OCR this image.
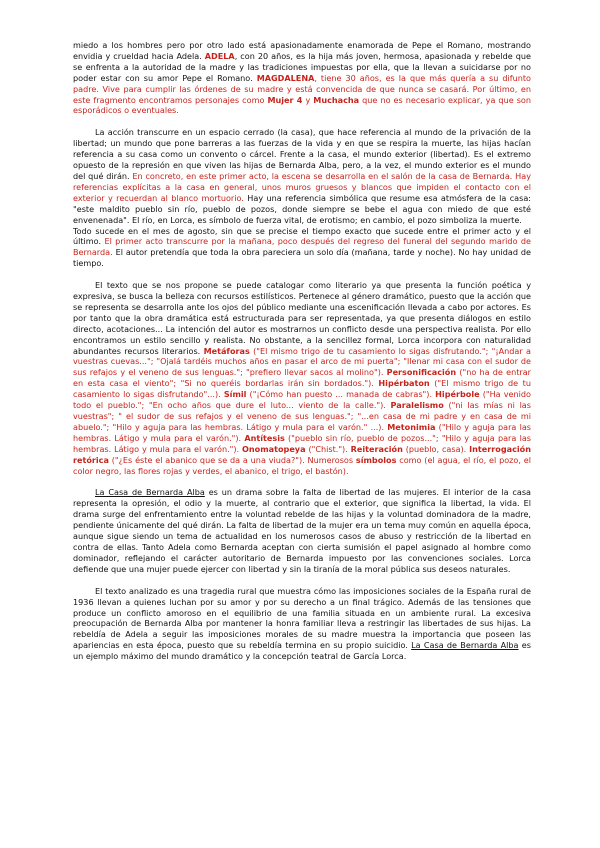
miedo a los hombres pero por otro lado está apasionadamente enamorada de Pepe el Romano, mostrando envidia y crueldad hacia Adela. ADELA, con 20 años, es la hija más joven, hermosa, apasionada y rebelde que se enfrenta a la autoridad de la madre y las tradiciones impuestas por ella, que la llevan a suicidarse por no poder estar con su amor Pepe el Romano. MAGDALENA, tiene 30 años, es la que más quería a su difunto padre. Vive para cumplir las órdenes de su madre y está convencida de que nunca se casará. Por último, en este fragmento encontramos personajes como Mujer 4 y Muchacha que no es necesario explicar, ya que son esporádicos o eventuales.

La acción transcurre en un espacio cerrado (la casa), que hace referencia al mundo de la privación de la libertad; un mundo que pone barreras a las fuerzas de la vida y en que se respira la muerte, las hijas hacían referencia a su casa como un convento o cárcel. Frente a la casa, el mundo exterior (libertad). Es el extremo opuesto de la represión en que viven las hijas de Bernarda Alba, pero, a la vez, el mundo exterior es el mundo del qué dirán. En concreto, en este primer acto, la escena se desarrolla en el salón de la casa de Bernarda. Hay referencias explícitas a la casa en general, unos muros gruesos y blancos que impiden el contacto con el exterior y recuerdan al blanco mortuorio. Hay una referencia simbólica que resume esa atmósfera de la casa: "este maldito pueblo sin río, pueblo de pozos, donde siempre se bebe el agua con miedo de que esté envenenada". El río, en Lorca, es símbolo de fuerza vital, de erotismo; en cambio, el pozo simboliza la muerte.

Todo sucede en el mes de agosto, sin que se precise el tiempo exacto que sucede entre el primer acto y el último. El primer acto transcurre por la mañana, poco después del regreso del funeral del segundo marido de Bernarda. El autor pretendía que toda la obra pareciera un solo día (mañana, tarde y noche). No hay unidad de tiempo.

El texto que se nos propone se puede catalogar como literario ya que presenta la función poética y expresiva, se busca la belleza con recursos estilísticos. Pertenece al género dramático, puesto que la acción que se representa se desarrolla ante los ojos del público mediante una escenificación llevada a cabo por actores. Es por tanto que la obra dramática está estructurada para ser representada, ya que presenta diálogos en estilo directo, acotaciones... La intención del autor es mostrarnos un conflicto desde una perspectiva realista. Por ello encontramos un estilo sencillo y realista. No obstante, a la sencillez formal, Lorca incorpora con naturalidad abundantes recursos literarios. Metáforas ("El mismo trigo de tu casamiento lo sigas disfrutando."; "¡Andar a vuestras cuevas..."; "Ojalá tardéis muchos años en pasar el arco de mi puerta"; "llenar mi casa con el sudor de sus refajos y el veneno de sus lenguas."; "prefiero llevar sacos al molino"). Personificación ("no ha de entrar en esta casa el viento"; "Si no queréis bordarlas irán sin bordados."). Hipérbaton ("El mismo trigo de tu casamiento lo sigas disfrutando"...). Símil ("¡Cómo han puesto ... manada de cabras"). Hipérbole ("Ha venido todo el pueblo."; "En ocho años que dure el luto... viento de la calle."). Paralelismo ("ni las mías ni las vuestras"; " el sudor de sus refajos y el veneno de sus lenguas."; "...en casa de mi padre y en casa de mi abuelo."; "Hilo y aguja para las hembras. Látigo y mula para el varón." ...). Metonimia ("Hilo y aguja para las hembras. Látigo y mula para el varón."). Antítesis ("pueblo sin río, pueblo de pozos..."; "Hilo y aguja para las hembras. Látigo y mula para el varón."). Onomatopeya ("Chist."). Reiteración (pueblo, casa). Interrogación retórica ("¿Es éste el abanico que se da a una viuda?"). Numerosos símbolos como (el agua, el río, el pozo, el color negro, las flores rojas y verdes, el abanico, el trigo, el bastón).

La Casa de Bernarda Alba es un drama sobre la falta de libertad de las mujeres. El interior de la casa representa la opresión, el odio y la muerte, al contrario que el exterior, que significa la libertad, la vida. El drama surge del enfrentamiento entre la voluntad rebelde de las hijas y la voluntad dominadora de la madre, pendiente únicamente del qué dirán. La falta de libertad de la mujer era un tema muy común en aquella época, aunque sigue siendo un tema de actualidad en los numerosos casos de abuso y restricción de la libertad en contra de ellas. Tanto Adela como Bernarda aceptan con cierta sumisión el papel asignado al hombre como dominador, reflejando el carácter autoritario de Bernarda impuesto por las convenciones sociales. Lorca defiende que una mujer puede ejercer con libertad y sin la tiranía de la moral pública sus deseos naturales.

El texto analizado es una tragedia rural que muestra cómo las imposiciones sociales de la España rural de 1936 llevan a quienes luchan por su amor y por su derecho a un final trágico. Además de las tensiones que produce un conflicto amoroso en el equilibrio de una familia situada en un ambiente rural. La excesiva preocupación de Bernarda Alba por mantener la honra familiar lleva a restringir las libertades de sus hijas. La rebeldía de Adela a seguir las imposiciones morales de su madre muestra la importancia que poseen las apariencias en esta época, puesto que su rebeldía termina en su propio suicidio. La Casa de Bernarda Alba es un ejemplo máximo del mundo dramático y la concepción teatral de García Lorca.
